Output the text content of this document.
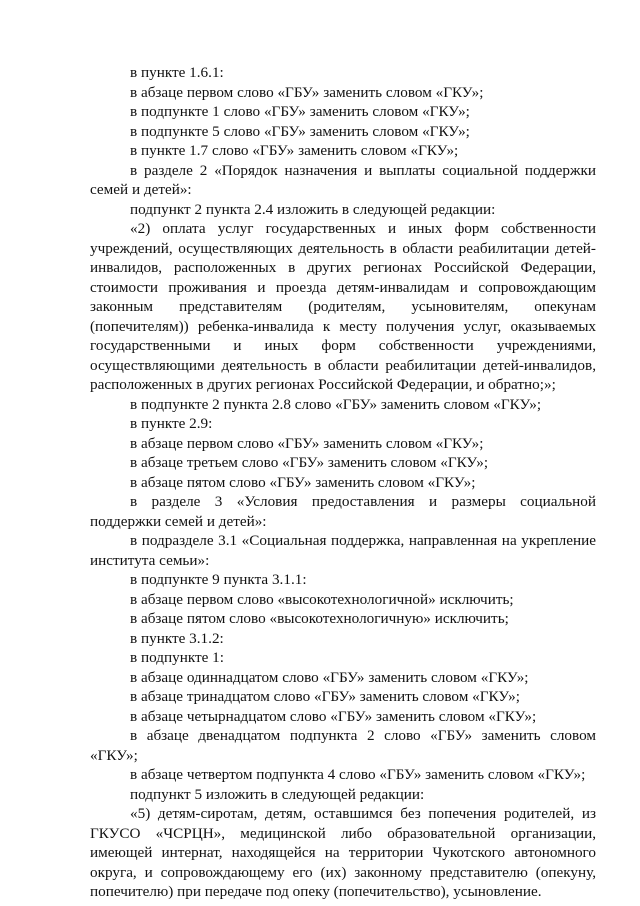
в пункте 1.6.1:

в абзаце первом слово «ГБУ» заменить словом «ГКУ»;

в подпункте 1 слово «ГБУ» заменить словом «ГКУ»;

в подпункте 5 слово «ГБУ» заменить словом «ГКУ»;

в пункте 1.7 слово «ГБУ» заменить словом «ГКУ»;

в разделе 2 «Порядок назначения и выплаты социальной поддержки семей и детей»:

подпункт 2 пункта 2.4 изложить в следующей редакции:

«2) оплата услуг государственных и иных форм собственности учреждений, осуществляющих деятельность в области реабилитации детей-инвалидов, расположенных в других регионах Российской Федерации, стоимости проживания и проезда детям-инвалидам и сопровождающим законным представителям (родителям, усыновителям, опекунам (попечителям)) ребенка-инвалида к месту получения услуг, оказываемых государственными и иных форм собственности учреждениями, осуществляющими деятельность в области реабилитации детей-инвалидов, расположенных в других регионах Российской Федерации, и обратно;»;

в подпункте 2 пункта 2.8 слово «ГБУ» заменить словом «ГКУ»;

в пункте 2.9:

в абзаце первом слово «ГБУ» заменить словом «ГКУ»;

в абзаце третьем слово «ГБУ» заменить словом «ГКУ»;

в абзаце пятом слово «ГБУ» заменить словом «ГКУ»;

в разделе 3 «Условия предоставления и размеры социальной поддержки семей и детей»:

в подразделе 3.1 «Социальная поддержка, направленная на укрепление института семьи»:

в подпункте 9 пункта 3.1.1:

в абзаце первом слово «высокотехнологичной» исключить;

в абзаце пятом слово «высокотехнологичную» исключить;

в пункте 3.1.2:

в подпункте 1:

в абзаце одиннадцатом слово «ГБУ» заменить словом «ГКУ»;

в абзаце тринадцатом слово «ГБУ» заменить словом «ГКУ»;

в абзаце четырнадцатом слово «ГБУ» заменить словом «ГКУ»;

в абзаце двенадцатом подпункта 2 слово «ГБУ» заменить словом «ГКУ»;

в абзаце четвертом подпункта 4 слово «ГБУ» заменить словом «ГКУ»;

подпункт 5 изложить в следующей редакции:

«5) детям-сиротам, детям, оставшимся без попечения родителей, из ГКУСО «ЧСРЦН», медицинской либо образовательной организации, имеющей интернат, находящейся на территории Чукотского автономного округа, и сопровождающему его (их) законному представителю (опекуну, попечителю) при передаче под опеку (попечительство), усыновление.
